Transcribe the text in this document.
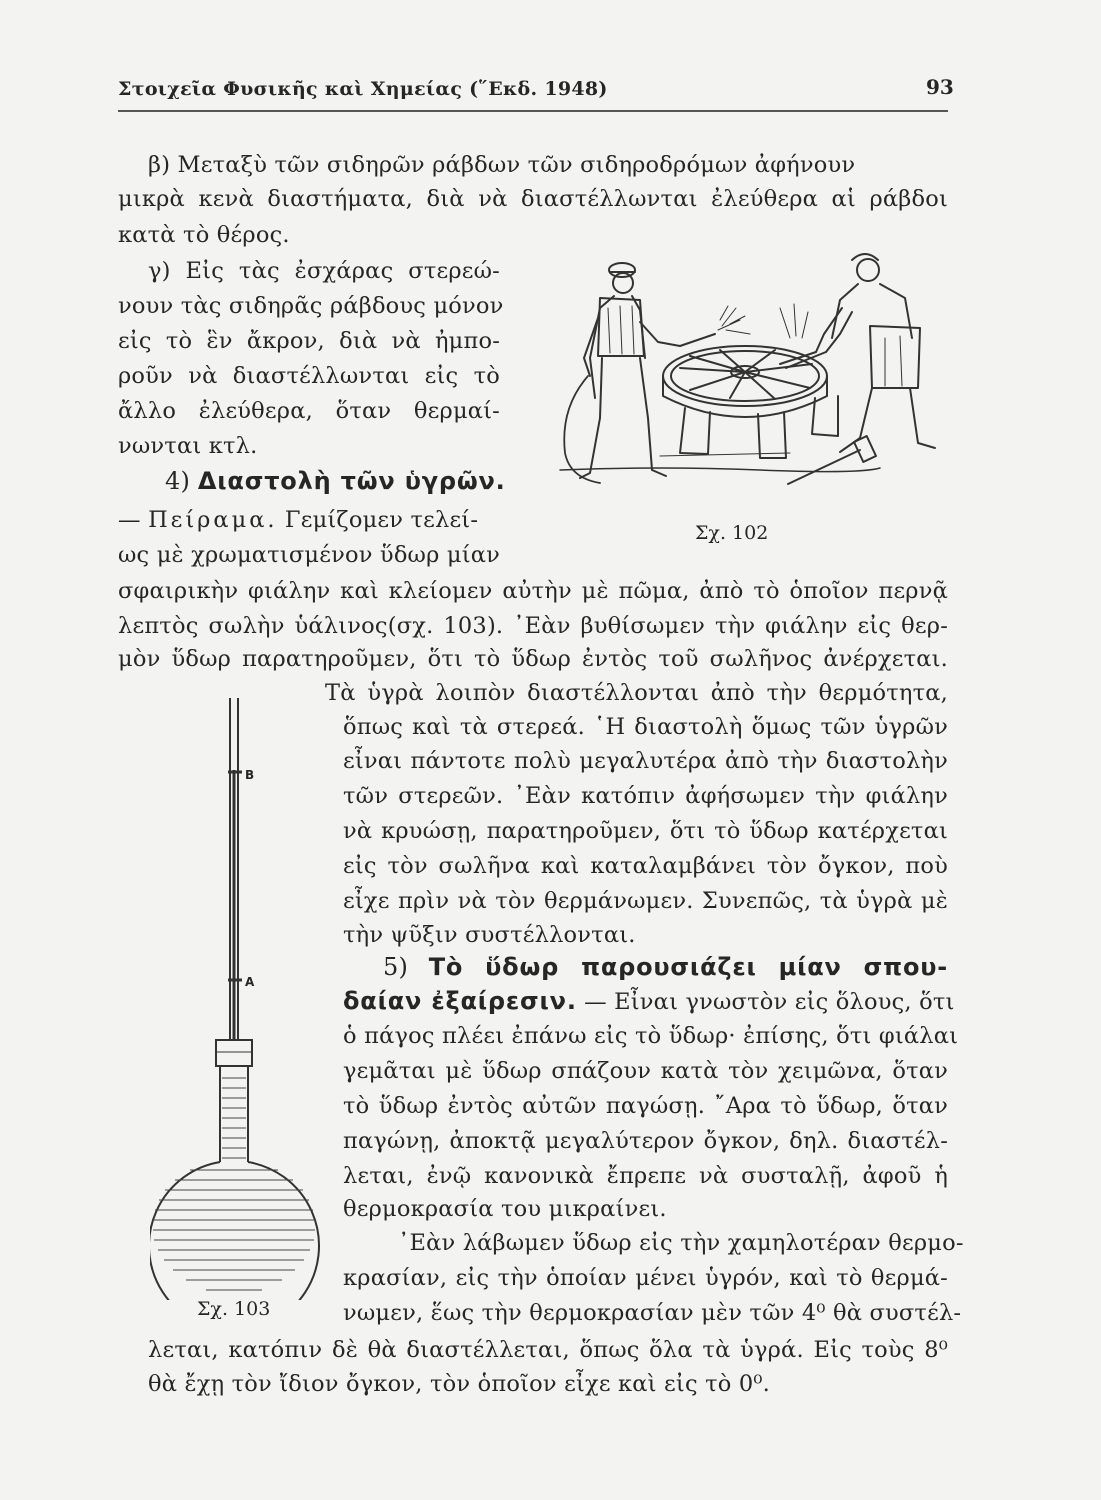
Στοιχεῖα Φυσικῆς καὶ Χημείας (῞Εκδ. 1948)	93
β) Μεταξὺ τῶν σιδηρῶν ράβδων τῶν σιδηροδρόμων ἀφήνουν
μικρὰ κενὰ διαστήματα, διὰ νὰ διαστέλλωνται ἐλεύθερα αἱ ράβδοι
κατὰ τὸ θέρος.
γ) Εἰς τὰς ἐσχάρας στερεώ-
νουν τὰς σιδηρᾶς ράβδους μόνον
εἰς τὸ ἓν ἄκρον, διὰ νὰ ἠμπο-
ροῦν νὰ διαστέλλωνται εἰς τὸ
ἄλλο ἐλεύθερα, ὅταν θερμαί-
νωνται κτλ.
4) Διαστολὴ τῶν ὑγρῶν.
— Πείραμα. Γεμίζομεν τελεί-
ως μὲ χρωματισμένον ὕδωρ μίαν
σφαιρικὴν φιάλην καὶ κλείομεν αὐτὴν μὲ πῶμα, ἀπὸ τὸ ὁποῖον περνᾷ
λεπτὸς σωλὴν ὑάλινος(σχ. 103). ᾿Εὰν βυθίσωμεν τὴν φιάλην εἰς θερ-
μὸν ὕδωρ παρατηροῦμεν, ὅτι τὸ ὕδωρ ἐντὸς τοῦ σωλῆνος ἀνέρχεται.
Τὰ ὑγρὰ λοιπὸν διαστέλλονται ἀπὸ τὴν θερμότητα,
ὅπως καὶ τὰ στερεά. ῾Η διαστολὴ ὅμως τῶν ὑγρῶν
εἶναι πάντοτε πολὺ μεγαλυτέρα ἀπὸ τὴν διαστολὴν
τῶν στερεῶν. ᾿Εὰν κατόπιν ἀφήσωμεν τὴν φιάλην
νὰ κρυώσῃ, παρατηροῦμεν, ὅτι τὸ ὕδωρ κατέρχεται
εἰς τὸν σωλῆνα καὶ καταλαμβάνει τὸν ὄγκον, ποὺ
εἶχε πρὶν νὰ τὸν θερμάνωμεν. Συνεπῶς, τὰ ὑγρὰ μὲ
τὴν ψῦξιν συστέλλονται.
5) Τὸ ὕδωρ παρουσιάζει μίαν σπου-
δαίαν ἐξαίρεσιν. — Εἶναι γνωστὸν εἰς ὅλους, ὅτι
ὁ πάγος πλέει ἐπάνω εἰς τὸ ὕδωρ· ἐπίσης, ὅτι φιάλαι
γεμᾶται μὲ ὕδωρ σπάζουν κατὰ τὸν χειμῶνα, ὅταν
τὸ ὕδωρ ἐντὸς αὐτῶν παγώσῃ. ῎Αρα τὸ ὕδωρ, ὅταν
παγώνῃ, ἀποκτᾷ μεγαλύτερον ὄγκον, δηλ. διαστέλ-
λεται, ἐνῷ κανονικὰ ἔπρεπε νὰ συσταλῇ, ἀφοῦ ἡ
θερμοκρασία του μικραίνει.
᾿Εὰν λάβωμεν ὕδωρ εἰς τὴν χαμηλοτέραν θερμο-
κρασίαν, εἰς τὴν ὁποίαν μένει ὑγρόν, καὶ τὸ θερμά-
νωμεν, ἕως τὴν θερμοκρασίαν μὲν τῶν 4⁰ θὰ συστέλ-
λεται, κατόπιν δὲ θὰ διαστέλλεται, ὅπως ὅλα τὰ ὑγρά. Εἰς τοὺς 8⁰
θὰ ἔχῃ τὸν ἴδιον ὄγκον, τὸν ὁποῖον εἶχε καὶ εἰς τὸ 0⁰.
Σχ. 102
B
A
Σχ. 103
